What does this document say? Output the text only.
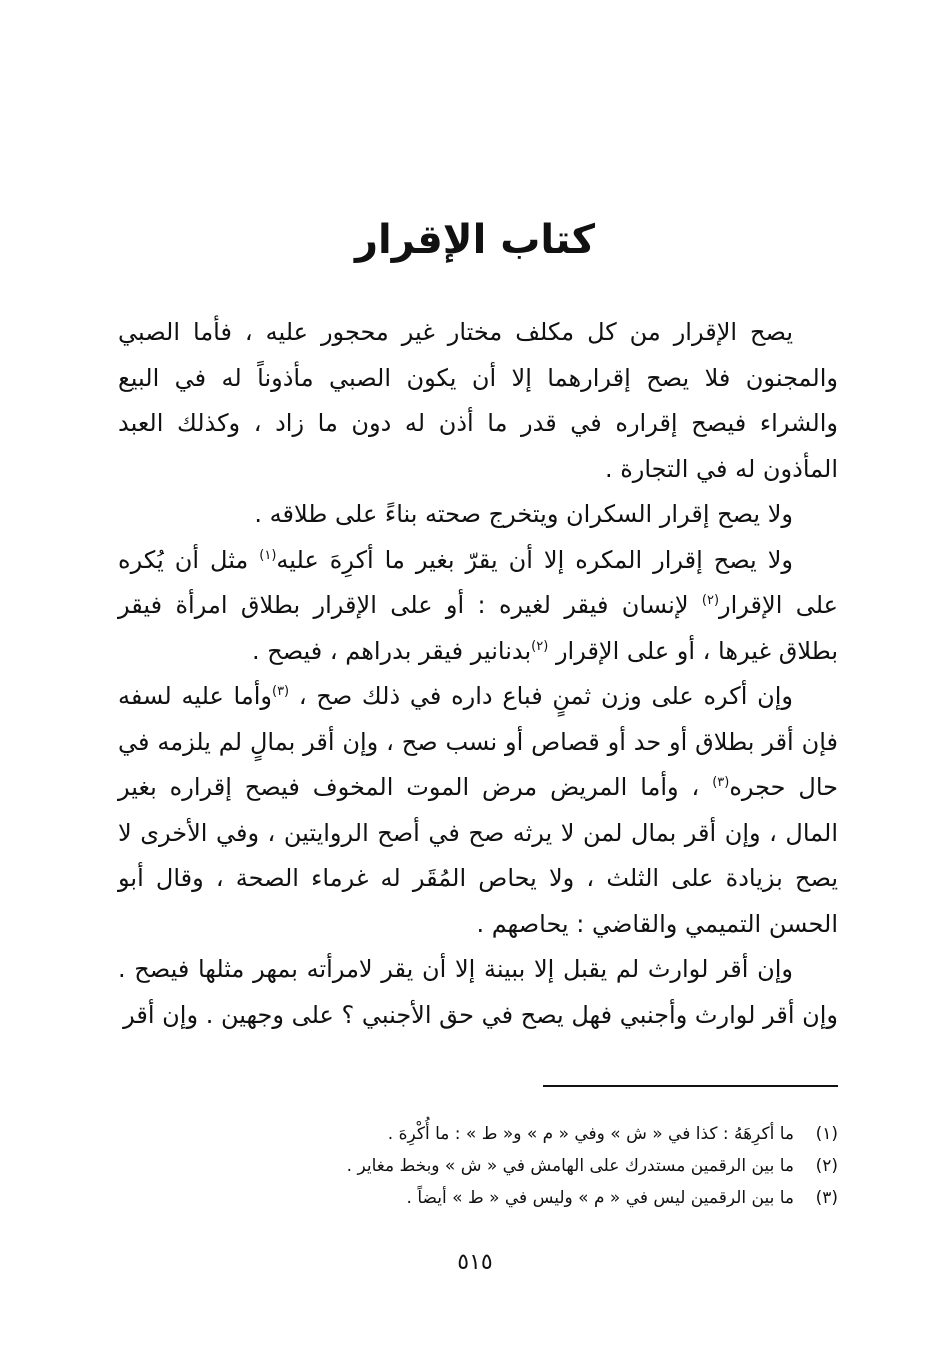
كتاب الإقرار

يصح الإقرار من كل مكلف مختار غير محجور عليه ، فأما الصبي والمجنون فلا يصح إقرارهما إلا أن يكون الصبي مأذوناً له في البيع والشراء فيصح إقراره في قدر ما أذن له دون ما زاد ، وكذلك العبد المأذون له في التجارة .

ولا يصح إقرار السكران ويتخرج صحته بناءً على طلاقه .

ولا يصح إقرار المكره إلا أن يقرّ بغير ما أكرِهَ عليه$^{(١)}$ مثل أن يُكره على الإقرار$^{(٢)}$ لإنسان فيقر لغيره : أو على الإقرار بطلاق امرأة فيقر بطلاق غيرها ، أو على الإقرار $^{(٢)}$بدنانير فيقر بدراهم ، فيصح .

وإن أكره على وزن ثمنٍ فباع داره في ذلك صح ، $^{(٣)}$وأما عليه لسفه فإن أقر بطلاق أو حد أو قصاص أو نسب صح ، وإن أقر بمالٍ لم يلزمه في حال حجره$^{(٣)}$ ، وأما المريض مرض الموت المخوف فيصح إقراره بغير المال ، وإن أقر بمال لمن لا يرثه صح في أصح الروايتين ، وفي الأخرى لا يصح بزيادة على الثلث ، ولا يحاص المُقَر له غرماء الصحة ، وقال أبو الحسن التميمي والقاضي : يحاصهم .

وإن أقر لوارث لم يقبل إلا ببينة إلا أن يقر لامرأته بمهر مثلها فيصح . وإن أقر لوارث وأجنبي فهل يصح في حق الأجنبي ؟ على وجهين . وإن أقر

(١)ما أكرِهَهُ : كذا في « ش » وفي « م » و« ط » : ما أُكْرِهَ .
(٢)ما بين الرقمين مستدرك على الهامش في « ش » وبخط مغاير .
(٣)ما بين الرقمين ليس في « م » وليس في « ط » أيضاً .
٥١٥
